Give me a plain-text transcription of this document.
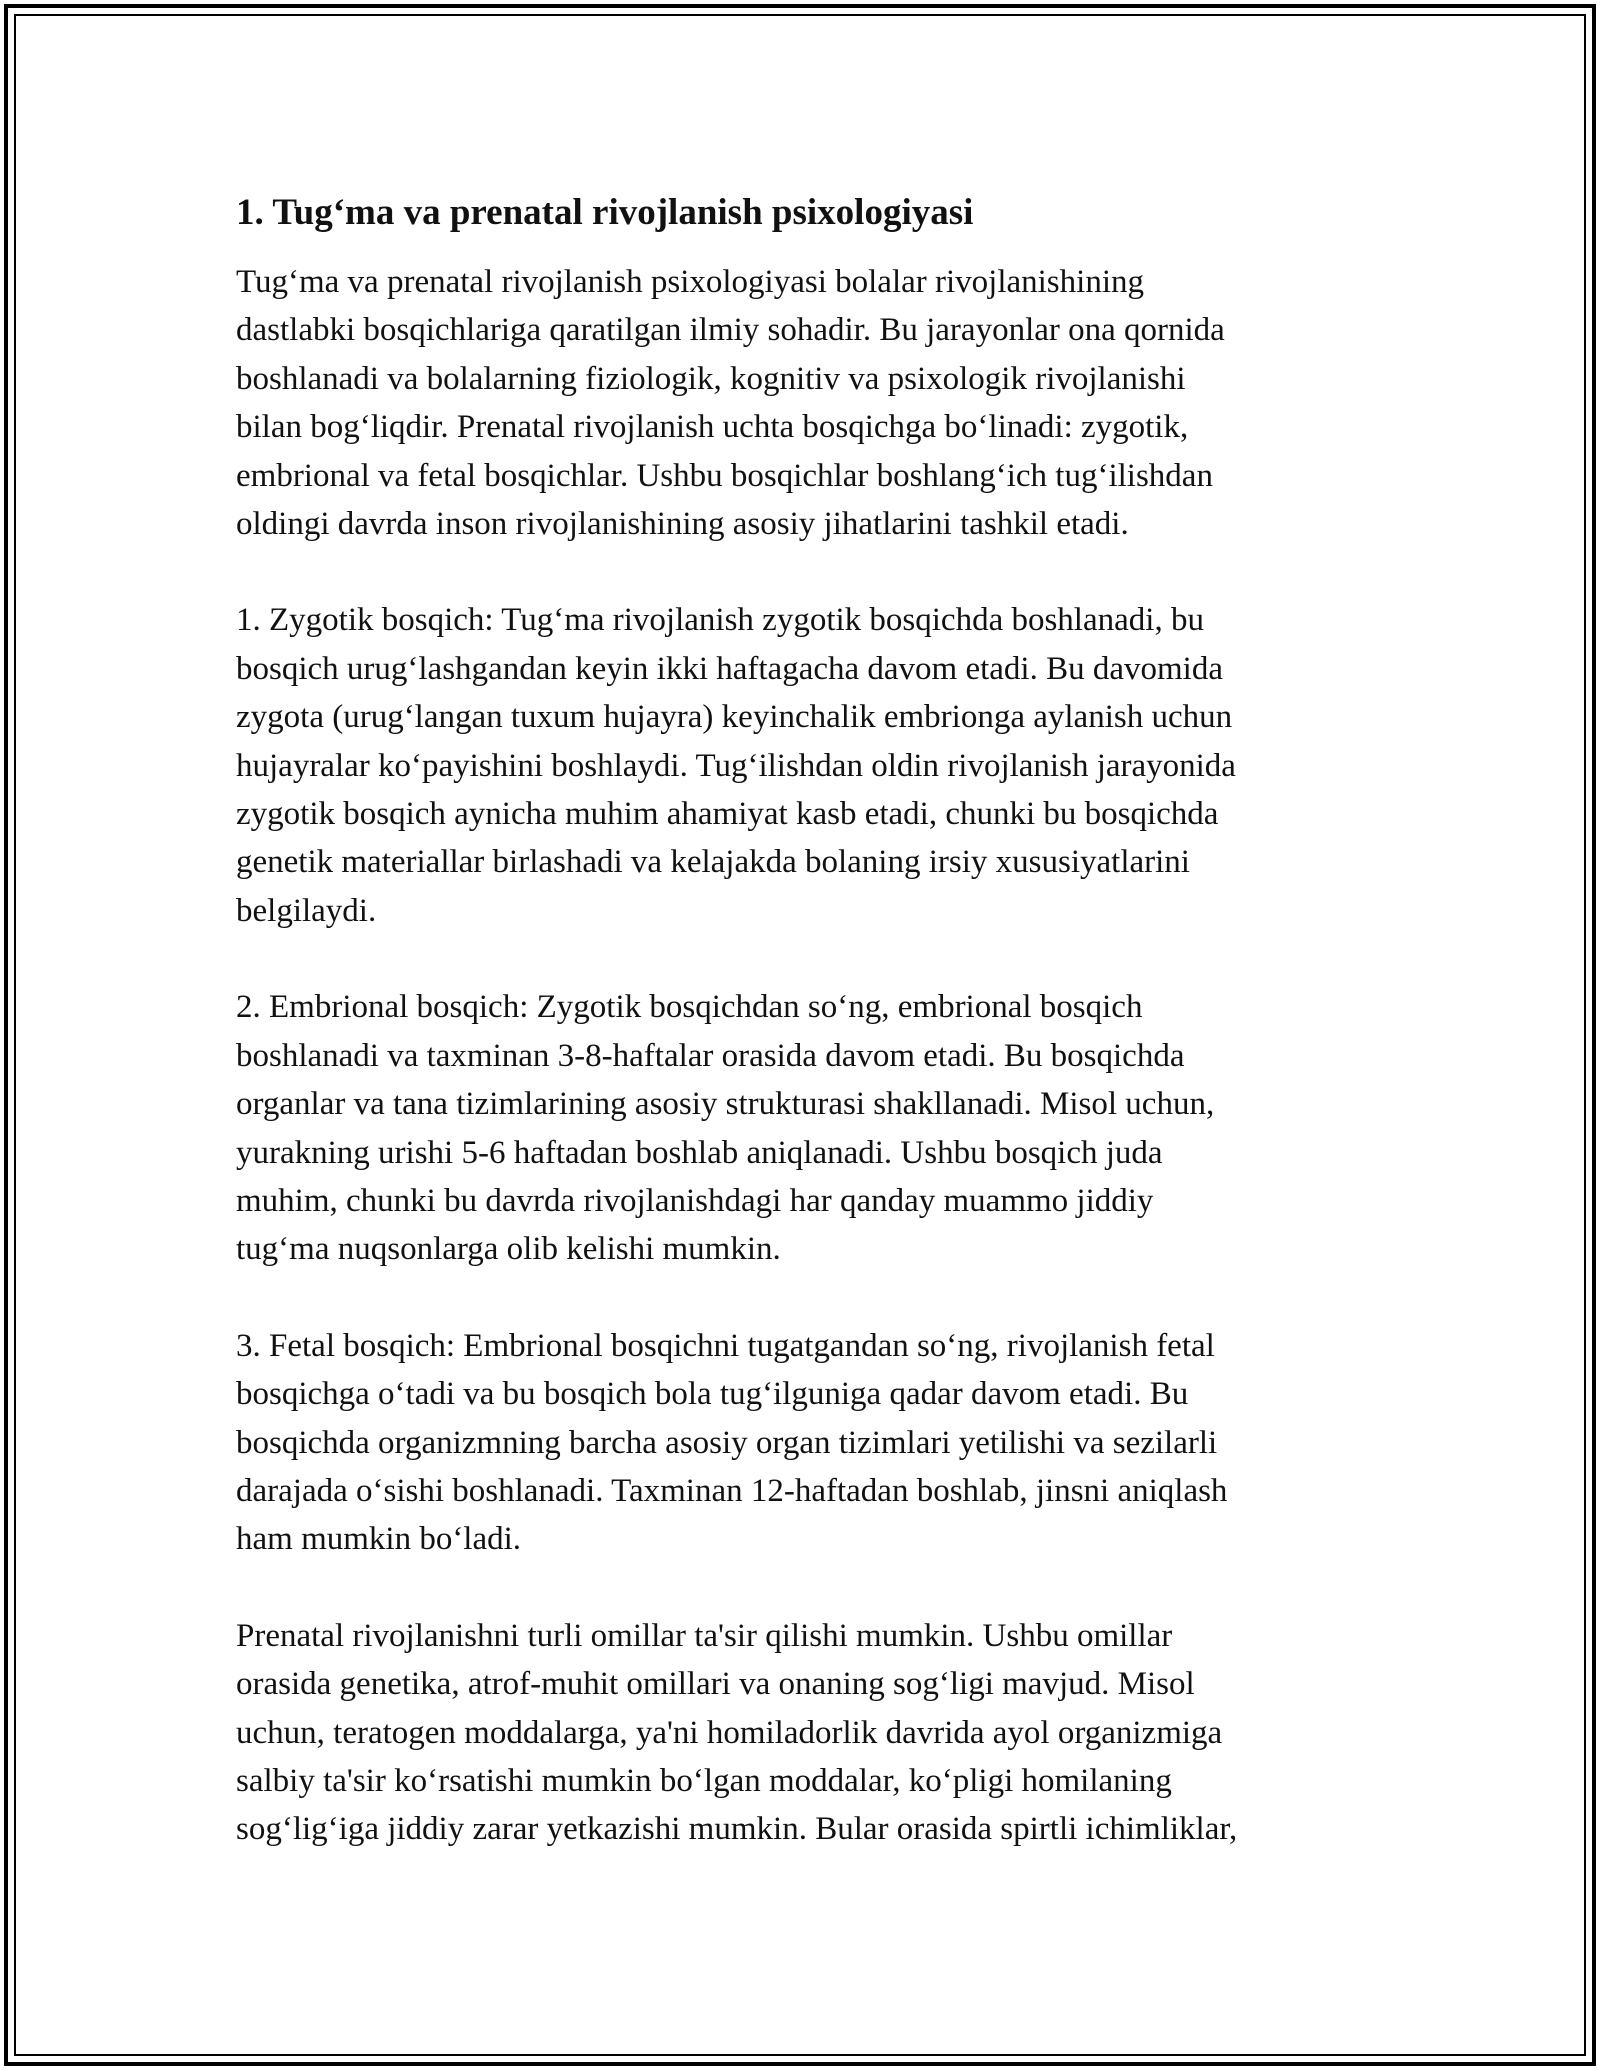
1. Tug‘ma va prenatal rivojlanish psixologiyasi

Tug‘ma va prenatal rivojlanish psixologiyasi bolalar rivojlanishining
dastlabki bosqichlariga qaratilgan ilmiy sohadir. Bu jarayonlar ona qornida
boshlanadi va bolalarning fiziologik, kognitiv va psixologik rivojlanishi
bilan bog‘liqdir. Prenatal rivojlanish uchta bosqichga bo‘linadi: zygotik,
embrional va fetal bosqichlar. Ushbu bosqichlar boshlang‘ich tug‘ilishdan
oldingi davrda inson rivojlanishining asosiy jihatlarini tashkil etadi.

1. Zygotik bosqich: Tug‘ma rivojlanish zygotik bosqichda boshlanadi, bu
bosqich urug‘lashgandan keyin ikki haftagacha davom etadi. Bu davomida
zygota (urug‘langan tuxum hujayra) keyinchalik embrionga aylanish uchun
hujayralar ko‘payishini boshlaydi. Tug‘ilishdan oldin rivojlanish jarayonida
zygotik bosqich aynicha muhim ahamiyat kasb etadi, chunki bu bosqichda
genetik materiallar birlashadi va kelajakda bolaning irsiy xususiyatlarini
belgilaydi.

2. Embrional bosqich: Zygotik bosqichdan so‘ng, embrional bosqich
boshlanadi va taxminan 3-8-haftalar orasida davom etadi. Bu bosqichda
organlar va tana tizimlarining asosiy strukturasi shakllanadi. Misol uchun,
yurakning urishi 5-6 haftadan boshlab aniqlanadi. Ushbu bosqich juda
muhim, chunki bu davrda rivojlanishdagi har qanday muammo jiddiy
tug‘ma nuqsonlarga olib kelishi mumkin.

3. Fetal bosqich: Embrional bosqichni tugatgandan so‘ng, rivojlanish fetal
bosqichga o‘tadi va bu bosqich bola tug‘ilguniga qadar davom etadi. Bu
bosqichda organizmning barcha asosiy organ tizimlari yetilishi va sezilarli
darajada o‘sishi boshlanadi. Taxminan 12-haftadan boshlab, jinsni aniqlash
ham mumkin bo‘ladi.

Prenatal rivojlanishni turli omillar ta'sir qilishi mumkin. Ushbu omillar
orasida genetika, atrof-muhit omillari va onaning sog‘ligi mavjud. Misol
uchun, teratogen moddalarga, ya'ni homiladorlik davrida ayol organizmiga
salbiy ta'sir ko‘rsatishi mumkin bo‘lgan moddalar, ko‘pligi homilaning
sog‘lig‘iga jiddiy zarar yetkazishi mumkin. Bular orasida spirtli ichimliklar,
